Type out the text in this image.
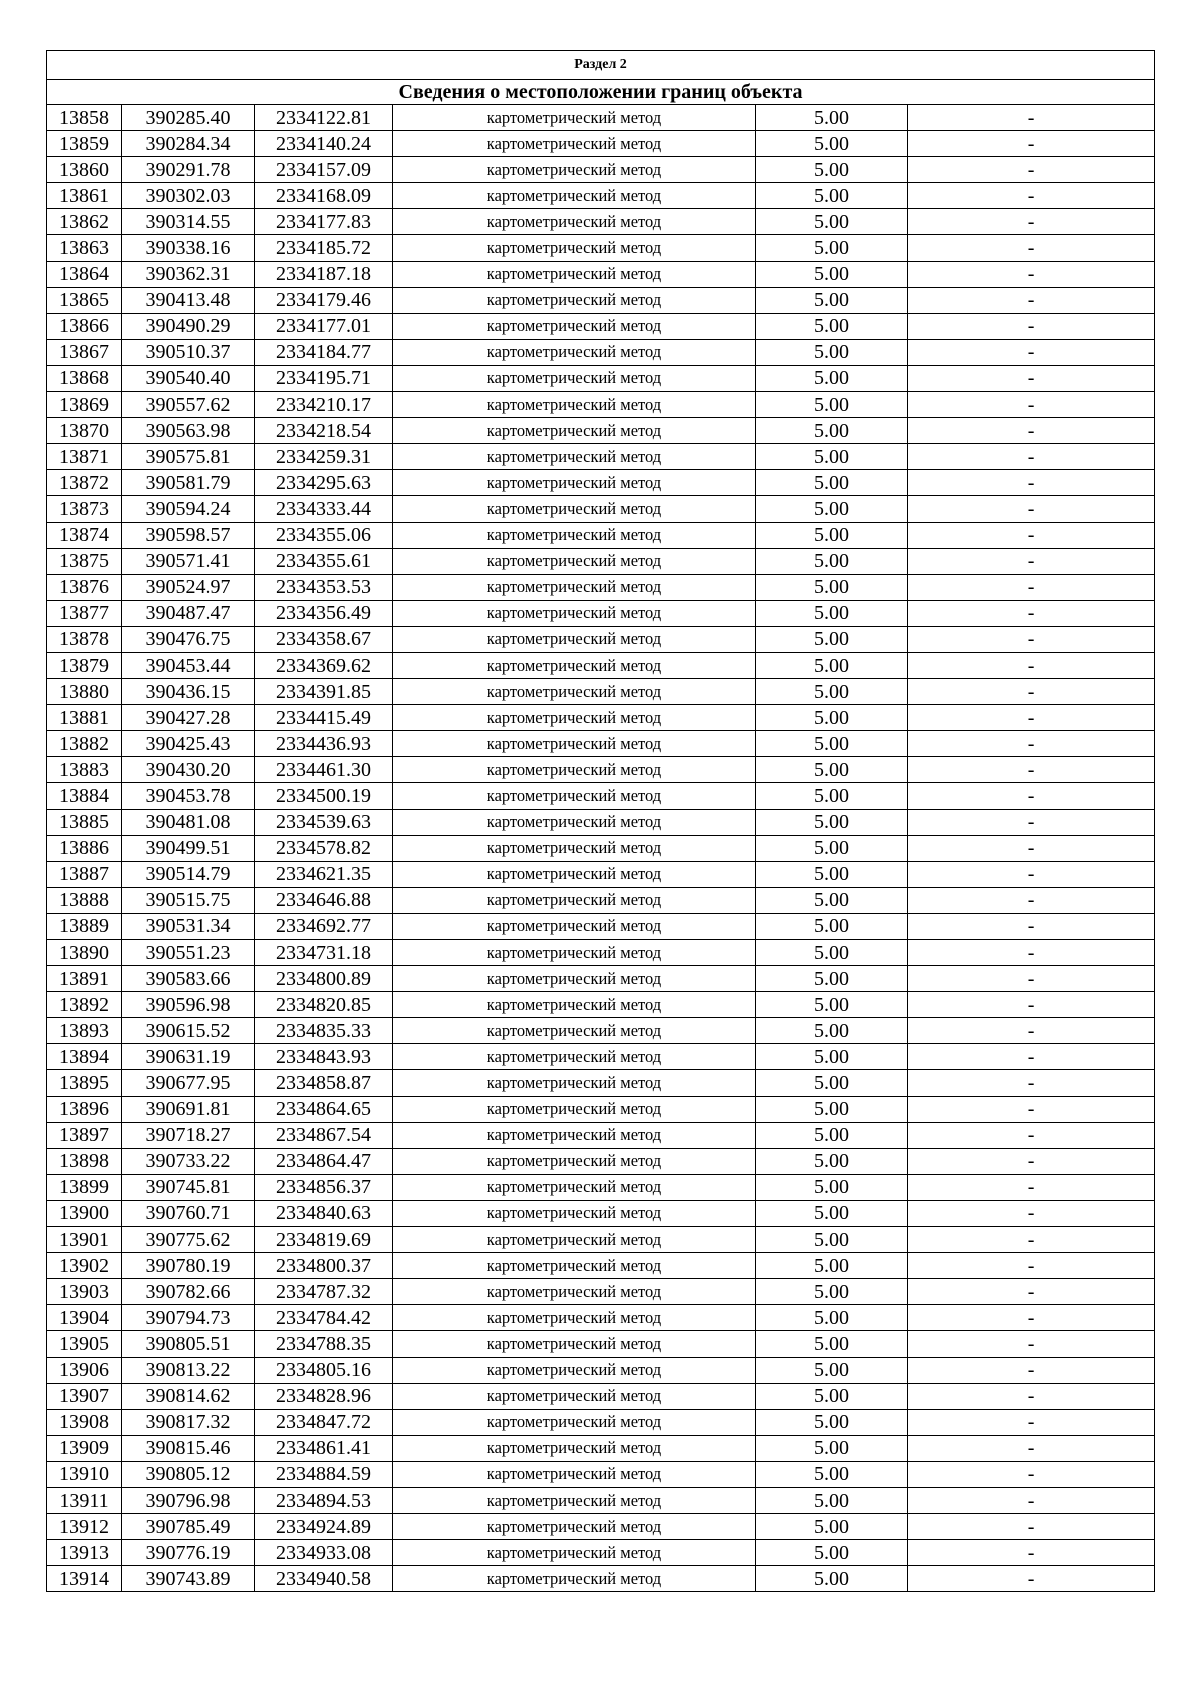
Раздел 2					
Сведения о местоположении границ объекта					
13858	390285.40	2334122.81	картометрический метод	5.00	-
13859	390284.34	2334140.24	картометрический метод	5.00	-
13860	390291.78	2334157.09	картометрический метод	5.00	-
13861	390302.03	2334168.09	картометрический метод	5.00	-
13862	390314.55	2334177.83	картометрический метод	5.00	-
13863	390338.16	2334185.72	картометрический метод	5.00	-
13864	390362.31	2334187.18	картометрический метод	5.00	-
13865	390413.48	2334179.46	картометрический метод	5.00	-
13866	390490.29	2334177.01	картометрический метод	5.00	-
13867	390510.37	2334184.77	картометрический метод	5.00	-
13868	390540.40	2334195.71	картометрический метод	5.00	-
13869	390557.62	2334210.17	картометрический метод	5.00	-
13870	390563.98	2334218.54	картометрический метод	5.00	-
13871	390575.81	2334259.31	картометрический метод	5.00	-
13872	390581.79	2334295.63	картометрический метод	5.00	-
13873	390594.24	2334333.44	картометрический метод	5.00	-
13874	390598.57	2334355.06	картометрический метод	5.00	-
13875	390571.41	2334355.61	картометрический метод	5.00	-
13876	390524.97	2334353.53	картометрический метод	5.00	-
13877	390487.47	2334356.49	картометрический метод	5.00	-
13878	390476.75	2334358.67	картометрический метод	5.00	-
13879	390453.44	2334369.62	картометрический метод	5.00	-
13880	390436.15	2334391.85	картометрический метод	5.00	-
13881	390427.28	2334415.49	картометрический метод	5.00	-
13882	390425.43	2334436.93	картометрический метод	5.00	-
13883	390430.20	2334461.30	картометрический метод	5.00	-
13884	390453.78	2334500.19	картометрический метод	5.00	-
13885	390481.08	2334539.63	картометрический метод	5.00	-
13886	390499.51	2334578.82	картометрический метод	5.00	-
13887	390514.79	2334621.35	картометрический метод	5.00	-
13888	390515.75	2334646.88	картометрический метод	5.00	-
13889	390531.34	2334692.77	картометрический метод	5.00	-
13890	390551.23	2334731.18	картометрический метод	5.00	-
13891	390583.66	2334800.89	картометрический метод	5.00	-
13892	390596.98	2334820.85	картометрический метод	5.00	-
13893	390615.52	2334835.33	картометрический метод	5.00	-
13894	390631.19	2334843.93	картометрический метод	5.00	-
13895	390677.95	2334858.87	картометрический метод	5.00	-
13896	390691.81	2334864.65	картометрический метод	5.00	-
13897	390718.27	2334867.54	картометрический метод	5.00	-
13898	390733.22	2334864.47	картометрический метод	5.00	-
13899	390745.81	2334856.37	картометрический метод	5.00	-
13900	390760.71	2334840.63	картометрический метод	5.00	-
13901	390775.62	2334819.69	картометрический метод	5.00	-
13902	390780.19	2334800.37	картометрический метод	5.00	-
13903	390782.66	2334787.32	картометрический метод	5.00	-
13904	390794.73	2334784.42	картометрический метод	5.00	-
13905	390805.51	2334788.35	картометрический метод	5.00	-
13906	390813.22	2334805.16	картометрический метод	5.00	-
13907	390814.62	2334828.96	картометрический метод	5.00	-
13908	390817.32	2334847.72	картометрический метод	5.00	-
13909	390815.46	2334861.41	картометрический метод	5.00	-
13910	390805.12	2334884.59	картометрический метод	5.00	-
13911	390796.98	2334894.53	картометрический метод	5.00	-
13912	390785.49	2334924.89	картометрический метод	5.00	-
13913	390776.19	2334933.08	картометрический метод	5.00	-
13914	390743.89	2334940.58	картометрический метод	5.00	-
